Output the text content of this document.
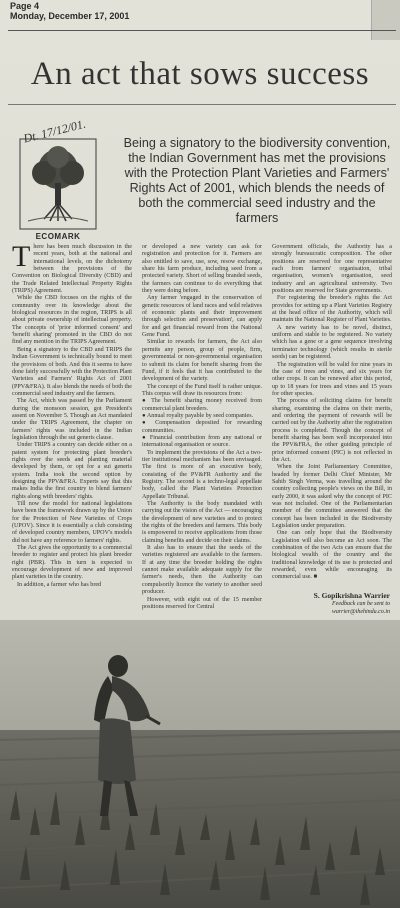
Page 4
Monday, December 17, 2001
An act that sows success
Dt. 17/12/01.
ECOMARK
Being a signatory to the biodiversity convention, the Indian Government has met the provisions with the Protection Plant Varieties and Farmers' Rights Act of 2001, which blends the needs of both the commercial seed industry and the farmers

There has been much discussion in the recent years, both at the national and international levels, on the dichotomy between the provisions of the Convention on Biological Diversity (CBD) and the Trade Related Intellectual Property Rights (TRIPS) Agreement.

While the CBD focuses on the rights of the community over its knowledge about the biological resources in the region, TRIPS is all about private ownership of intellectual property. The concepts of 'prior informed consent' and 'benefit sharing' promoted in the CBD do not find any mention in the TRIPS Agreement.

Being a signatory to the CBD and TRIPS the Indian Government is technically bound to meet the provisions of both. And this it seems to have done fairly successfully with the Protection Plant Varieties and Farmers' Rights Act of 2001 (PPV&FRA). It also blends the needs of both the commercial seed industry and the farmers.

The Act, which was passed by the Parliament during the monsoon session, got President's assent on November 5. Though an Act mandated under the TRIPS Agreement, the chapter on farmers' rights was included in the Indian legislation through the sui generis clause.

Under TRIPS a country can decide either on a patent system for protecting plant breeder's rights over the seeds and planting material developed by them, or opt for a sui generis system. India took the second option by designing the PPV&FRA. Experts say that this makes India the first country to blend farmers' rights along with breeders' rights.

Till now the model for national legislations have been the framework drawn up by the Union for the Protection of New Varieties of Crops (UPOV). Since it is essentially a club consisting of developed country members, UPOV's models did not have any reference to farmers' rights.

The Act gives the opportunity to a commercial breeder to register and protect his plant breeder right (PBR). This in turn is expected to encourage development of new and improved plant varieties in the country.

In addition, a farmer who has bred

or developed a new variety can ask for registration and protection for it. Farmers are also entitled to save, use, sow, resow exchange, share his farm produce, including seed from a protected variety. Short of selling branded seeds, the farmers can continue to do everything that they were doing before.

Any farmer 'engaged in the conservation of genetic resources of land races and wild relatives of economic plants and their improvement through selection and preservation', can apply for and get financial reward from the National Gene Fund.

Similar to rewards for farmers, the Act also permits any person, group of people, firm, governmental or non-governmental organisation to submit its claim for benefit sharing from the Fund, if it feels that it has contributed to the development of the variety.

The concept of the Fund itself is rather unique. This corpus will draw its resources from:

● The benefit sharing money received from commercial plant breeders.

● Annual royalty payable by seed companies.

● Compensation deposited for rewarding communities.

● Financial contribution from any national or international organisation or source.

To implement the provisions of the Act a two-tier institutional mechanism has been envisaged. The first is more of an executive body, consisting of the PV&FR Authority and the Registry. The second is a techno-legal appellate body, called the Plant Varieties Protection Appellate Tribunal.

The Authority is the body mandated with carrying out the vision of the Act — encouraging the development of new varieties and to protect the rights of the breeders and farmers. This body is empowered to receive applications from those claiming benefits and decide on their claims.

It also has to ensure that the seeds of the varieties registered are available to the farmers. If at any time the breeder holding the rights cannot make available adequate supply for the farmer's needs, then the Authority can compulsorily licence the variety to another seed producer.

However, with eight out of the 15 member positions reserved for Central

Government officials, the Authority has a strongly bureaucratic composition. The other positions are reserved for one representative each from farmers' organisation, tribal organisation, women's organisation, seed industry and an agricultural university. Two positions are reserved for State governments.

For registering the breeder's rights the Act provides for setting up a Plant Varieties Registry at the head office of the Authority, which will maintain the National Register of Plant Varieties.

A new variety has to be novel, distinct, uniform and stable to be registered. No variety which has a gene or a gene sequence involving terminator technology (which results in sterile seeds) can be registered.

The registration will be valid for nine years in the case of trees and vines, and six years for other crops. It can be renewed after this period, up to 18 years for trees and vines and 15 years for other species.

The process of soliciting claims for benefit sharing, examining the claims on their merits, and ordering the payment of rewards will be carried out by the Authority after the registration process is completed. Though the concept of benefit sharing has been well incorporated into the PPV&FRA, the other guiding principle of prior informed consent (PIC) is not reflected in the Act.

When the Joint Parliamentary Committee, headed by former Delhi Chief Minister, Mr Sahib Singh Verma, was travelling around the country collecting people's views on the Bill, in early 2000, it was asked why the concept of PIC was not included. One of the Parliamentarian member of the committee answered that the concept has been included in the Biodiversity Legislation under preparation.

One can only hope that the Biodiversity Legislation will also become an Act soon. The combination of the two Acts can ensure that the biological wealth of the country and the traditional knowledge of its use is protected and rewarded, even while encouraging its commercial use. ■

S. Gopikrishna Warrier
Feedback can be sent to
warrier@thehindu.co.in
